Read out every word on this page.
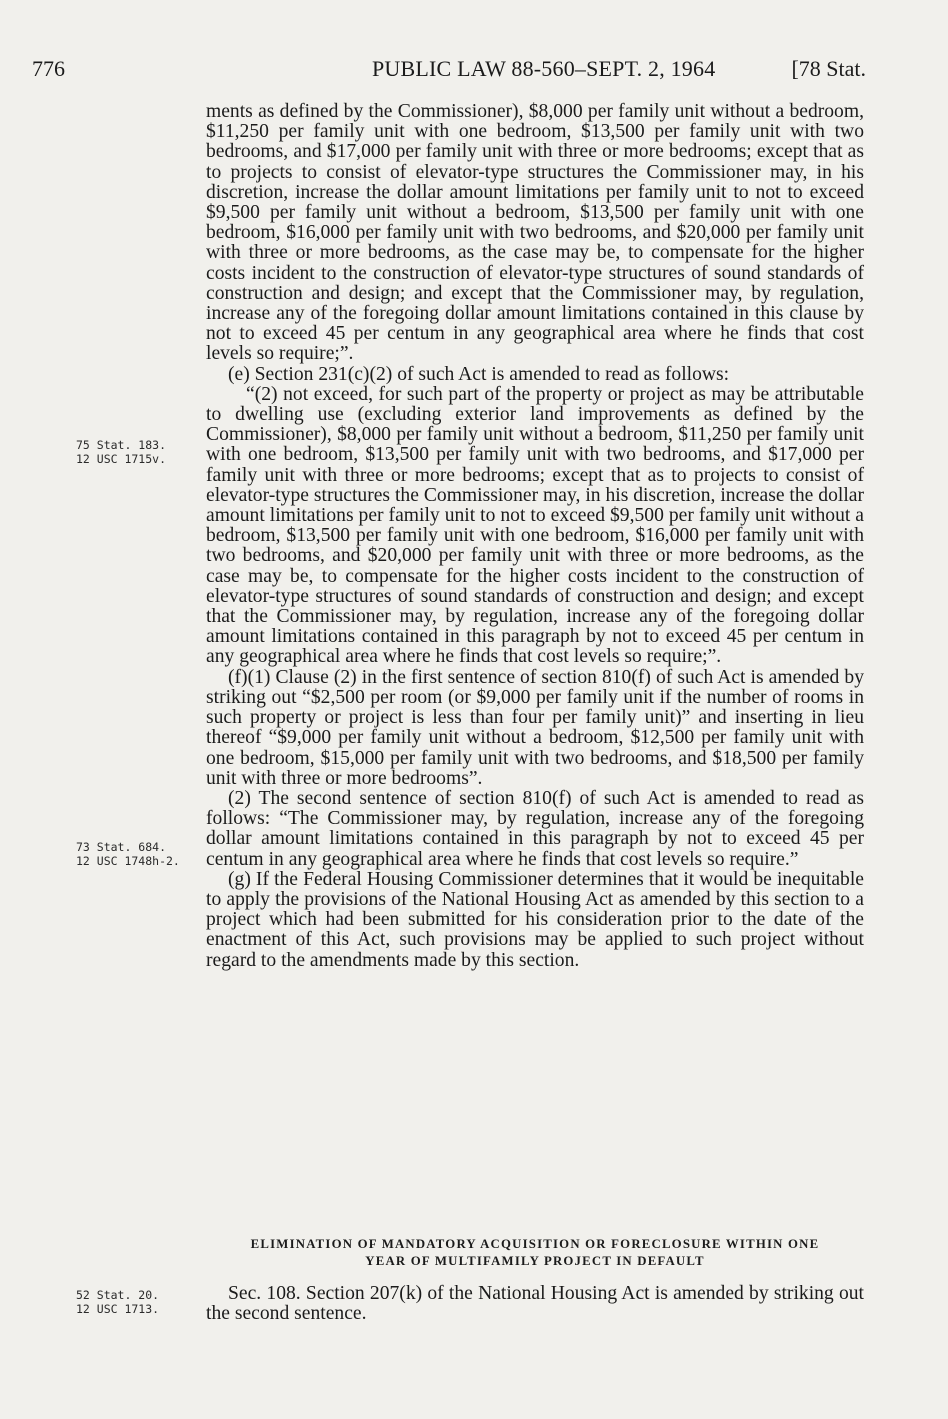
776	PUBLIC LAW 88-560–SEPT. 2, 1964	[78 Stat.
75 Stat. 183.
12 USC 1715v.
73 Stat. 684.
12 USC 1748h-2.
52 Stat. 20.
12 USC 1713.

ments as defined by the Commissioner), $8,000 per family unit without a bedroom, $11,250 per family unit with one bedroom, $13,500 per family unit with two bedrooms, and $17,000 per family unit with three or more bedrooms; except that as to projects to consist of elevator-type structures the Commissioner may, in his discretion, increase the dollar amount limitations per family unit to not to exceed $9,500 per family unit without a bedroom, $13,500 per family unit with one bedroom, $16,000 per family unit with two bedrooms, and $20,000 per family unit with three or more bedrooms, as the case may be, to compensate for the higher costs incident to the construction of elevator-type structures of sound standards of construction and design; and except that the Commissioner may, by regulation, increase any of the foregoing dollar amount limitations contained in this clause by not to exceed 45 per centum in any geographical area where he finds that cost levels so require;”.

(e) Section 231(c)(2) of such Act is amended to read as follows:

“(2) not exceed, for such part of the property or project as may be attributable to dwelling use (excluding exterior land improvements as defined by the Commissioner), $8,000 per family unit without a bedroom, $11,250 per family unit with one bedroom, $13,500 per family unit with two bedrooms, and $17,000 per family unit with three or more bedrooms; except that as to projects to consist of elevator-type structures the Commissioner may, in his discretion, increase the dollar amount limitations per family unit to not to exceed $9,500 per family unit without a bedroom, $13,500 per family unit with one bedroom, $16,000 per family unit with two bedrooms, and $20,000 per family unit with three or more bedrooms, as the case may be, to compensate for the higher costs incident to the construction of elevator-type structures of sound standards of construction and design; and except that the Commissioner may, by regulation, increase any of the foregoing dollar amount limitations contained in this paragraph by not to exceed 45 per centum in any geographical area where he finds that cost levels so require;”.

(f)(1) Clause (2) in the first sentence of section 810(f) of such Act is amended by striking out “$2,500 per room (or $9,000 per family unit if the number of rooms in such property or project is less than four per family unit)” and inserting in lieu thereof “$9,000 per family unit without a bedroom, $12,500 per family unit with one bedroom, $15,000 per family unit with two bedrooms, and $18,500 per family unit with three or more bedrooms”.

(2) The second sentence of section 810(f) of such Act is amended to read as follows: “The Commissioner may, by regulation, increase any of the foregoing dollar amount limitations contained in this paragraph by not to exceed 45 per centum in any geographical area where he finds that cost levels so require.”

(g) If the Federal Housing Commissioner determines that it would be inequitable to apply the provisions of the National Housing Act as amended by this section to a project which had been submitted for his consideration prior to the date of the enactment of this Act, such provisions may be applied to such project without regard to the amendments made by this section.

ELIMINATION OF MANDATORY ACQUISITION OR FORECLOSURE WITHIN ONE
YEAR OF MULTIFAMILY PROJECT IN DEFAULT

Sec. 108. Section 207(k) of the National Housing Act is amended by striking out the second sentence.
